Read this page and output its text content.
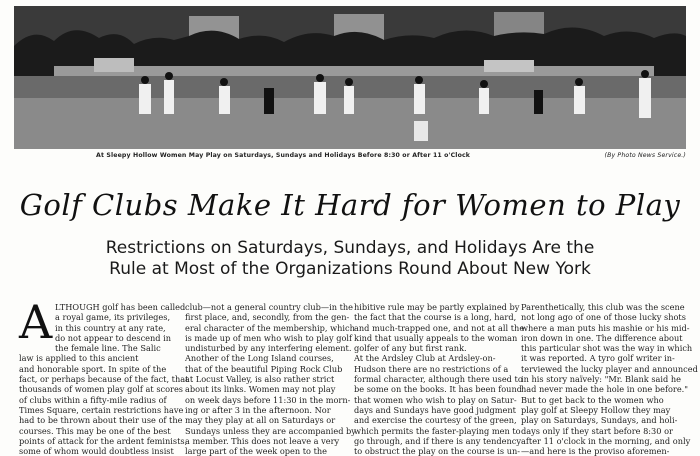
At Sleepy Hollow Women May Play on Saturdays, Sundays and Holidays Before 8:30 or After 11 o'Clock	(By Photo News Service.)
Golf Clubs Make It Hard for Women to Play
Restrictions on Saturdays, Sundays, and Holidays Are the
Rule at Most of the Organizations Round About New York
A LTHOUGH golf has been called
a royal game, its privileges,
in this country at any rate,
do not appear to descend in
the female line. The Salic
law is applied to this ancient
and honorable sport. In spite of the
fact, or perhaps because of the fact, that
thousands of women play golf at scores
of clubs within a fifty-mile radius of
Times Square, certain restrictions have
had to be thrown about their use of the
courses. This may be one of the best
points of attack for the ardent feminists,
some of whom would doubtless insist
club—not a general country club—in the
first place, and, secondly, from the gen-
eral character of the membership, which
is made up of men who wish to play golf
undisturbed by any interfering element.
Another of the Long Island courses,
that of the beautiful Piping Rock Club
at Locust Valley, is also rather strict
about its links. Women may not play
on week days before 11:30 in the morn-
ing or after 3 in the afternoon. Nor
may they play at all on Saturdays or
Sundays unless they are accompanied by
a member. This does not leave a very
large part of the week open to the
hibitive rule may be partly explained by
the fact that the course is a long, hard,
and much-trapped one, and not at all the
kind that usually appeals to the woman
golfer of any but first rank.
At the Ardsley Club at Ardsley-on-
Hudson there are no restrictions of a
formal character, although there used to
be some on the books. It has been found
that women who wish to play on Satur-
days and Sundays have good judgment
and exercise the courtesy of the green,
which permits the faster-playing men to
go through, and if there is any tendency
to obstruct the play on the course is un-
Parenthetically, this club was the scene
not long ago of one of those lucky shots
where a man puts his mashie or his mid-
iron down in one. The difference about
this particular shot was the way in which
it was reported. A tyro golf writer in-
terviewed the lucky player and announced
in his story naïvely: "Mr. Blank said he
had never made the hole in one before."
But to get back to the women who
play golf at Sleepy Hollow they may
play on Saturdays, Sundays, and holi-
days only if they start before 8:30 or
after 11 o'clock in the morning, and only
—and here is the proviso aforemen-
